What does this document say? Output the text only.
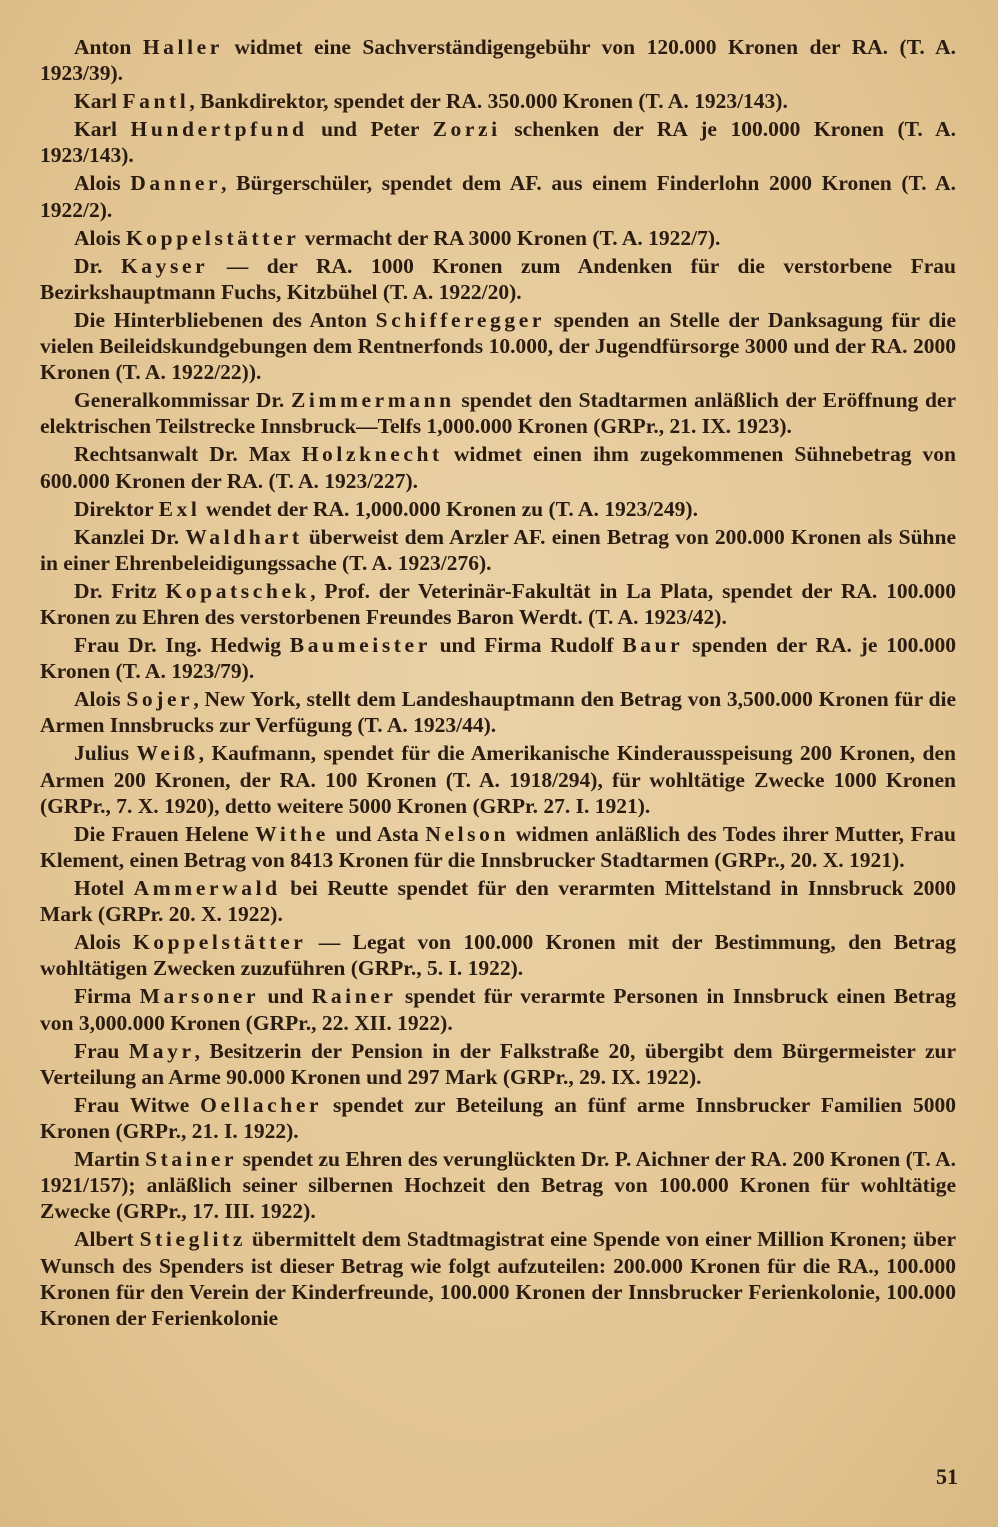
Anton Haller widmet eine Sachverständigengebühr von 120.000 Kronen der RA. (T. A. 1923/39).

Karl Fantl, Bankdirektor, spendet der RA. 350.000 Kronen (T. A. 1923/143).

Karl Hundertpfund und Peter Zorzi schenken der RA je 100.000 Kronen (T. A. 1923/143).

Alois Danner, Bürgerschüler, spendet dem AF. aus einem Finderlohn 2000 Kronen (T. A. 1922/2).

Alois Koppelstätter vermacht der RA 3000 Kronen (T. A. 1922/7).

Dr. Kayser — der RA. 1000 Kronen zum Andenken für die verstorbene Frau Bezirkshauptmann Fuchs, Kitzbühel (T. A. 1922/20).

Die Hinterbliebenen des Anton Schifferegger spenden an Stelle der Danksagung für die vielen Beileidskundgebungen dem Rentnerfonds 10.000, der Jugendfürsorge 3000 und der RA. 2000 Kronen (T. A. 1922/22)).

Generalkommissar Dr. Zimmermann spendet den Stadtarmen anläßlich der Eröffnung der elektrischen Teilstrecke Innsbruck—Telfs 1,000.000 Kronen (GRPr., 21. IX. 1923).

Rechtsanwalt Dr. Max Holzknecht widmet einen ihm zugekommenen Sühnebetrag von 600.000 Kronen der RA. (T. A. 1923/227).

Direktor Exl wendet der RA. 1,000.000 Kronen zu (T. A. 1923/249).

Kanzlei Dr. Waldhart überweist dem Arzler AF. einen Betrag von 200.000 Kronen als Sühne in einer Ehrenbeleidigungssache (T. A. 1923/276).

Dr. Fritz Kopatschek, Prof. der Veterinär-Fakultät in La Plata, spendet der RA. 100.000 Kronen zu Ehren des verstorbenen Freundes Baron Werdt. (T. A. 1923/42).

Frau Dr. Ing. Hedwig Baumeister und Firma Rudolf Baur spenden der RA. je 100.000 Kronen (T. A. 1923/79).

Alois Sojer, New York, stellt dem Landeshauptmann den Betrag von 3,500.000 Kronen für die Armen Innsbrucks zur Verfügung (T. A. 1923/44).

Julius Weiß, Kaufmann, spendet für die Amerikanische Kinderausspeisung 200 Kronen, den Armen 200 Kronen, der RA. 100 Kronen (T. A. 1918/294), für wohltätige Zwecke 1000 Kronen (GRPr., 7. X. 1920), detto weitere 5000 Kronen (GRPr. 27. I. 1921).

Die Frauen Helene Withe und Asta Nelson widmen anläßlich des Todes ihrer Mutter, Frau Klement, einen Betrag von 8413 Kronen für die Innsbrucker Stadtarmen (GRPr., 20. X. 1921).

Hotel Ammerwald bei Reutte spendet für den verarmten Mittelstand in Innsbruck 2000 Mark (GRPr. 20. X. 1922).

Alois Koppelstätter — Legat von 100.000 Kronen mit der Bestimmung, den Betrag wohltätigen Zwecken zuzuführen (GRPr., 5. I. 1922).

Firma Marsoner und Rainer spendet für verarmte Personen in Innsbruck einen Betrag von 3,000.000 Kronen (GRPr., 22. XII. 1922).

Frau Mayr, Besitzerin der Pension in der Falkstraße 20, übergibt dem Bürgermeister zur Verteilung an Arme 90.000 Kronen und 297 Mark (GRPr., 29. IX. 1922).

Frau Witwe Oellacher spendet zur Beteilung an fünf arme Innsbrucker Familien 5000 Kronen (GRPr., 21. I. 1922).

Martin Stainer spendet zu Ehren des verunglückten Dr. P. Aichner der RA. 200 Kronen (T. A. 1921/157); anläßlich seiner silbernen Hochzeit den Betrag von 100.000 Kronen für wohltätige Zwecke (GRPr., 17. III. 1922).

Albert Stieglitz übermittelt dem Stadtmagistrat eine Spende von einer Million Kronen; über Wunsch des Spenders ist dieser Betrag wie folgt aufzuteilen: 200.000 Kronen für die RA., 100.000 Kronen für den Verein der Kinderfreunde, 100.000 Kronen der Innsbrucker Ferienkolonie, 100.000 Kronen der Ferienkolonie

51
